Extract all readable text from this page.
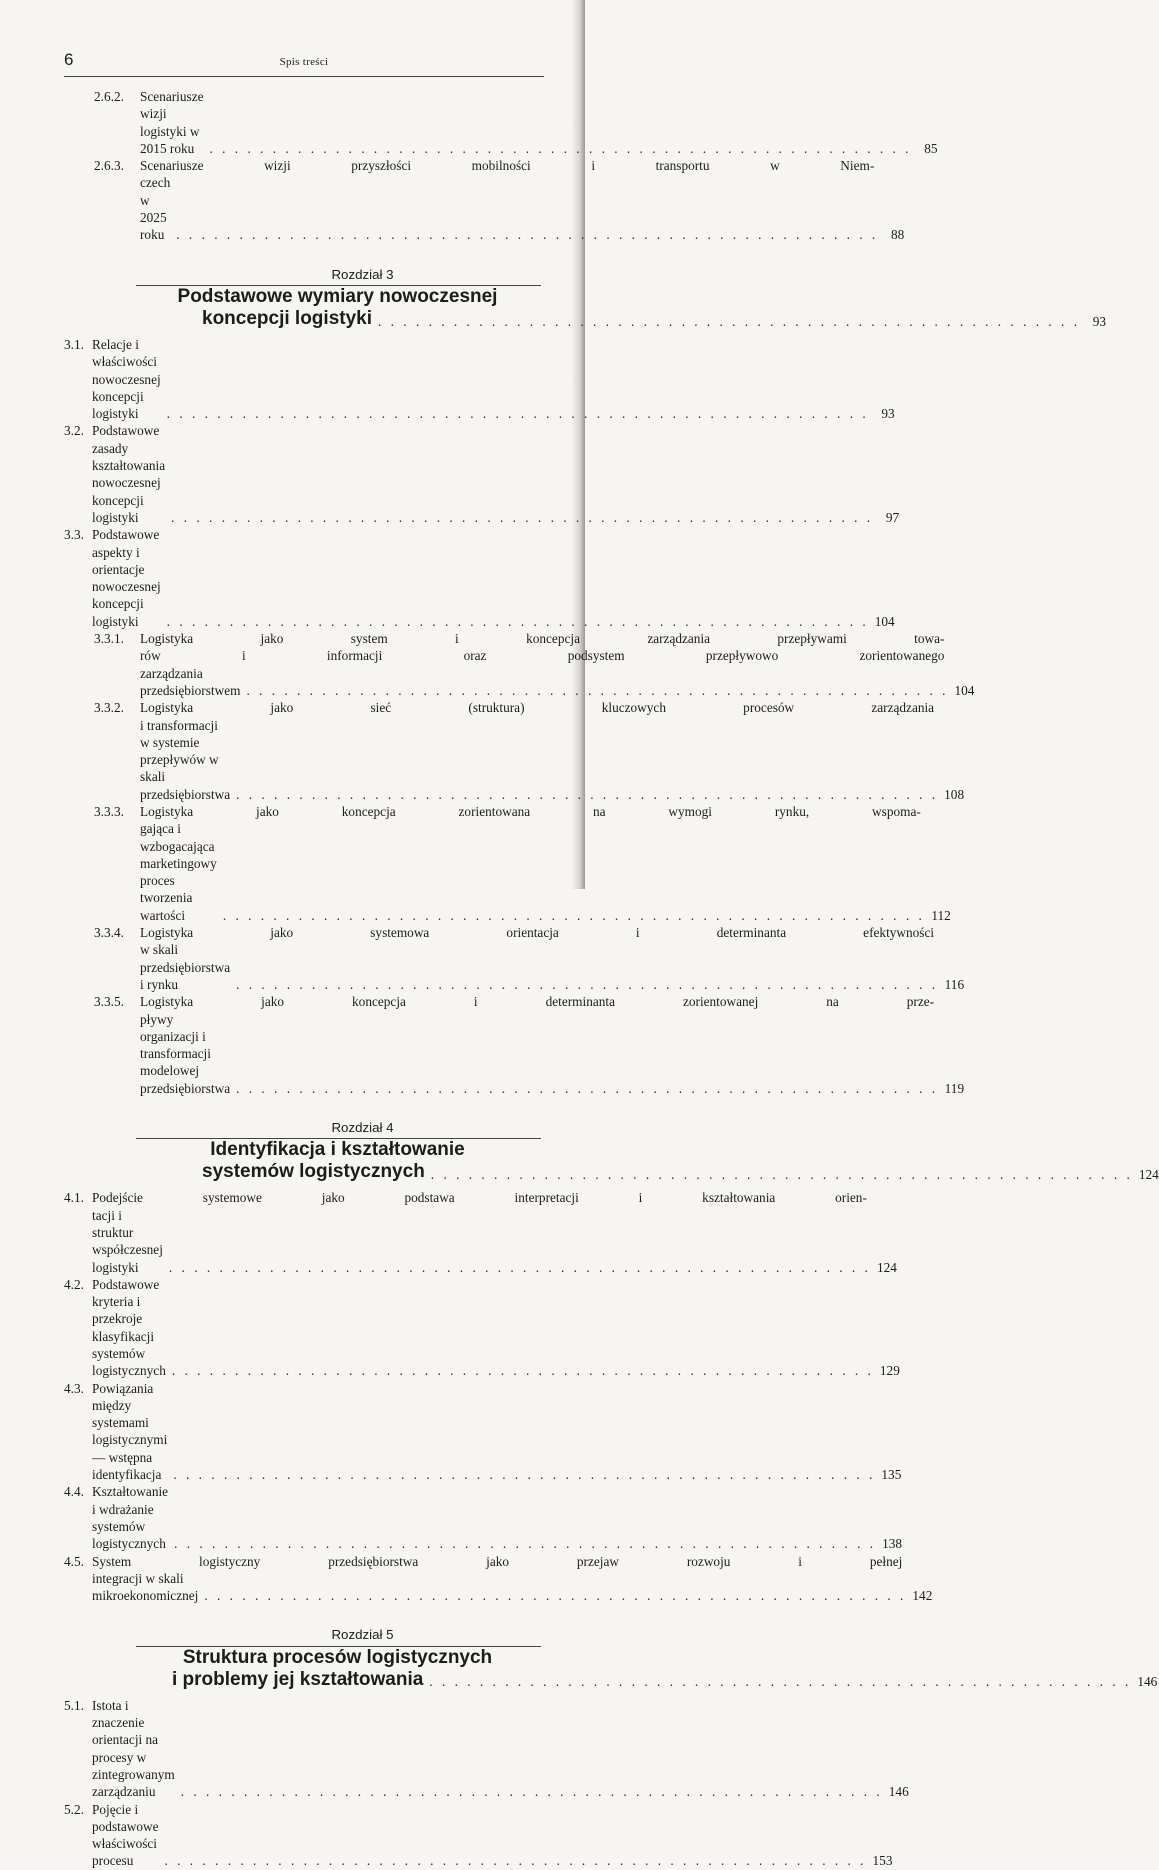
6	Spis treści
2.6.2.	Scenariusze wizji logistyki w 2015 roku . . .	85
2.6.3.	Scenariusze wizji przyszłości mobilności i transportu w Niem-
czech w 2025 roku . . .	88
Rozdział 3
Podstawowe wymiary nowoczesnej
koncepcji logistyki . . .	93
3.1. Relacje i właściwości nowoczesnej koncepcji logistyki . . .	93
3.2. Podstawowe zasady kształtowania nowoczesnej koncepcji logistyki . . .	97
3.3. Podstawowe aspekty i orientacje nowoczesnej koncepcji logistyki . . .	104
3.3.1.	Logistyka jako system i koncepcja zarządzania przepływami towa-
rów i informacji oraz podsystem przepływowo zorientowanego
zarządzania przedsiębiorstwem . . .	104
3.3.2.	Logistyka jako sieć (struktura) kluczowych procesów zarządzania
i transformacji w systemie przepływów w skali przedsiębiorstwa . . .	108
3.3.3.	Logistyka jako koncepcja zorientowana na wymogi rynku, wspoma-
gająca i wzbogacająca marketingowy proces tworzenia wartości . . .	112
3.3.4.	Logistyka jako systemowa orientacja i determinanta efektywności
w skali przedsiębiorstwa i rynku . . .	116
3.3.5.	Logistyka jako koncepcja i determinanta zorientowanej na prze-
pływy organizacji i transformacji modelowej przedsiębiorstwa . . .	119
Rozdział 4
Identyfikacja i kształtowanie
systemów logistycznych . . .	124
4.1. Podejście systemowe jako podstawa interpretacji i kształtowania orien-
tacji i struktur współczesnej logistyki . . .	124
4.2. Podstawowe kryteria i przekroje klasyfikacji systemów logistycznych . . .	129
4.3. Powiązania między systemami logistycznymi — wstępna identyfikacja . . .	135
4.4. Kształtowanie i wdrażanie systemów logistycznych . . .	138
4.5. System logistyczny przedsiębiorstwa jako przejaw rozwoju i pełnej
integracji w skali mikroekonomicznej . . .	142
Rozdział 5
Struktura procesów logistycznych
i problemy jej kształtowania . . .	146
5.1. Istota i znaczenie orientacji na procesy w zintegrowanym zarządzaniu . . .	146
5.2. Pojęcie i podstawowe właściwości procesu . . .	153
